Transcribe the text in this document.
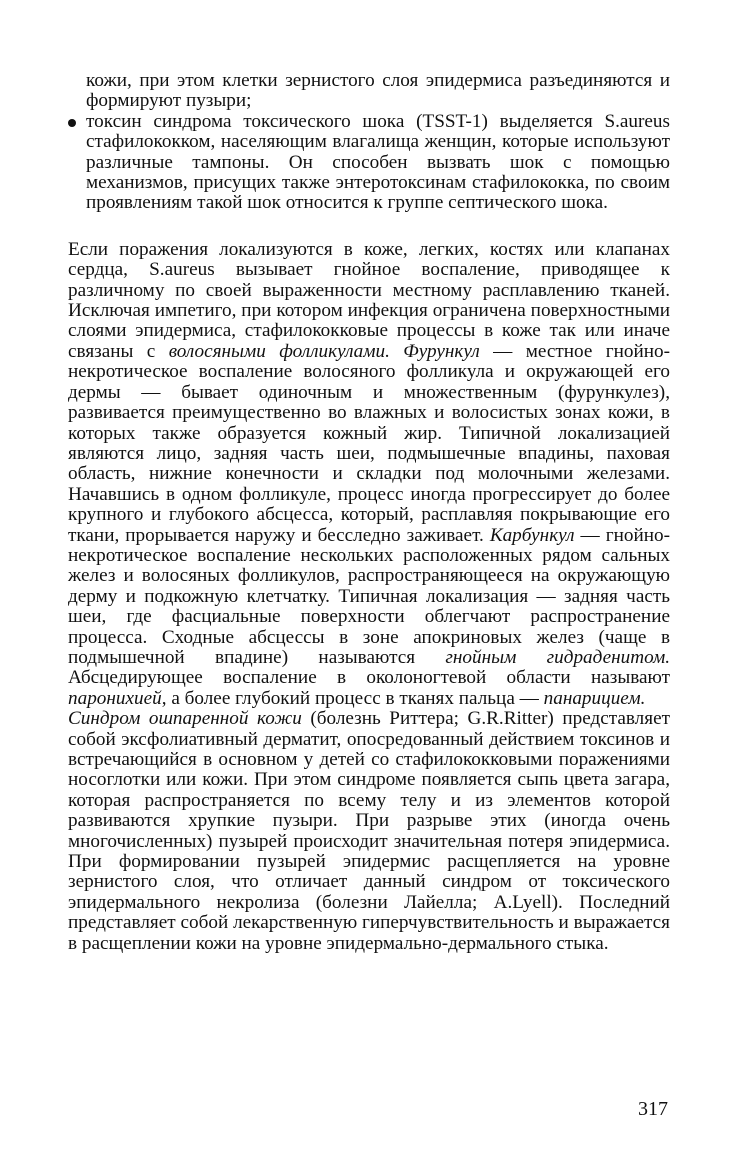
кожи, при этом клетки зернистого слоя эпидермиса разъединяются и формируют пузыри;
токсин синдрома токсического шока (TSST-1) выделяется S.aureus стафилококком, населяющим влагалища женщин, которые используют различные тампоны. Он способен вызвать шок с помощью механизмов, присущих также энтеротоксинам стафилококка, по своим проявлениям такой шок относится к группе септического шока.

Если поражения локализуются в коже, легких, костях или клапанах сердца, S.aureus вызывает гнойное воспаление, приводящее к различному по своей выраженности местному расплавлению тканей. Исключая импетиго, при котором инфекция ограничена поверхностными слоями эпидермиса, стафилококковые процессы в коже так или иначе связаны с волосяными фолликулами. Фурункул — местное гнойно-некротическое воспаление волосяного фолликула и окружающей его дермы — бывает одиночным и множественным (фурункулез), развивается преимущественно во влажных и волосистых зонах кожи, в которых также образуется кожный жир. Типичной локализацией являются лицо, задняя часть шеи, подмышечные впадины, паховая область, нижние конечности и складки под молочными железами. Начавшись в одном фолликуле, процесс иногда прогрессирует до более крупного и глубокого абсцесса, который, расплавляя покрывающие его ткани, прорывается наружу и бесследно заживает. Карбункул — гнойно-некротическое воспаление нескольких расположенных рядом сальных желез и волосяных фолликулов, распространяющееся на окружающую дерму и подкожную клетчатку. Типичная локализация — задняя часть шеи, где фасциальные поверхности облегчают распространение процесса. Сходные абсцессы в зоне апокриновых желез (чаще в подмышечной впадине) называются гнойным гидраденитом. Абсцедирующее воспаление в околоногтевой области называют паронихией, а более глубокий процесс в тканях пальца — панарицием.

Синдром ошпаренной кожи (болезнь Риттера; G.R.Ritter) представляет собой эксфолиативный дерматит, опосредованный действием токсинов и встречающийся в основном у детей со стафилококковыми поражениями носоглотки или кожи. При этом синдроме появляется сыпь цвета загара, которая распространяется по всему телу и из элементов которой развиваются хрупкие пузыри. При разрыве этих (иногда очень многочисленных) пузырей происходит значительная потеря эпидермиса. При формировании пузырей эпидермис расщепляется на уровне зернистого слоя, что отличает данный синдром от токсического эпидермального некролиза (болезни Лайелла; A.Lyell). Последний представляет собой лекарственную гиперчувствительность и выражается в расщеплении кожи на уровне эпидермально-дермального стыка.

317
